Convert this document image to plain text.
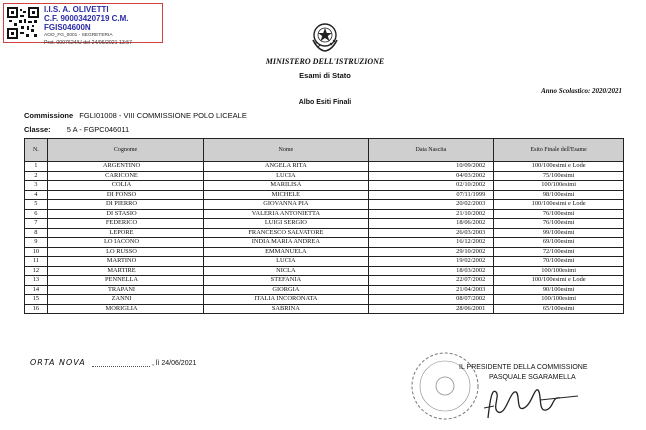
I.I.S. A. OLIVETTI
C.F. 90003420719 C.M. FGIS04600N
AOO_FG_0001 - SEGRETERIA
Prot. 0007624/U del 24/06/2021 13:57
MINISTERO DELL'ISTRUZIONE
Esami di Stato
Anno Scolastico: 2020/2021
Albo Esiti Finali
Commissione FGLI01008 - VIII COMMISSIONE POLO LICEALE
Classe: 5 A - FGPC046011
N.	Cognome	Nome	Data Nascita	Esito Finale dell'Esame
1	ARGENTINO	ANGELA RITA	10/09/2002	100/100esimi e Lode
2	CARICONE	LUCIA	04/03/2002	75/100esimi
3	COLIA	MARILISA	02/10/2002	100/100esimi
4	DI FONSO	MICHELE	07/11/1999	98/100esimi
5	DI PIERRO	GIOVANNA PIA	20/02/2003	100/100esimi e Lode
6	DI STASIO	VALERIA ANTONIETTA	21/10/2002	76/100esimi
7	FEDERICO	LUIGI SERGIO	18/06/2002	76/100esimi
8	LEPORE	FRANCESCO SALVATORE	26/03/2003	99/100esimi
9	LO IACONO	INDIA MARIA ANDREA	16/12/2002	69/100esimi
10	LO RUSSO	EMMANUELA	29/10/2002	72/100esimi
11	MARTINO	LUCIA	19/02/2002	70/100esimi
12	MARTIRE	NICLA	18/03/2002	100/100esimi
13	PENNELLA	STEFANIA	22/07/2002	100/100esimi e Lode
14	TRAPANI	GIORGIA	21/04/2003	90/100esimi
15	ZANNI	ITALIA INCORONATA	08/07/2002	100/100esimi
16	MORIGLIA	SABRINA	28/06/2001	65/100esimi
ORTA NOVA	, lì 24/06/2021
IL PRESIDENTE DELLA COMMISSIONE
PASQUALE SGARAMELLA
